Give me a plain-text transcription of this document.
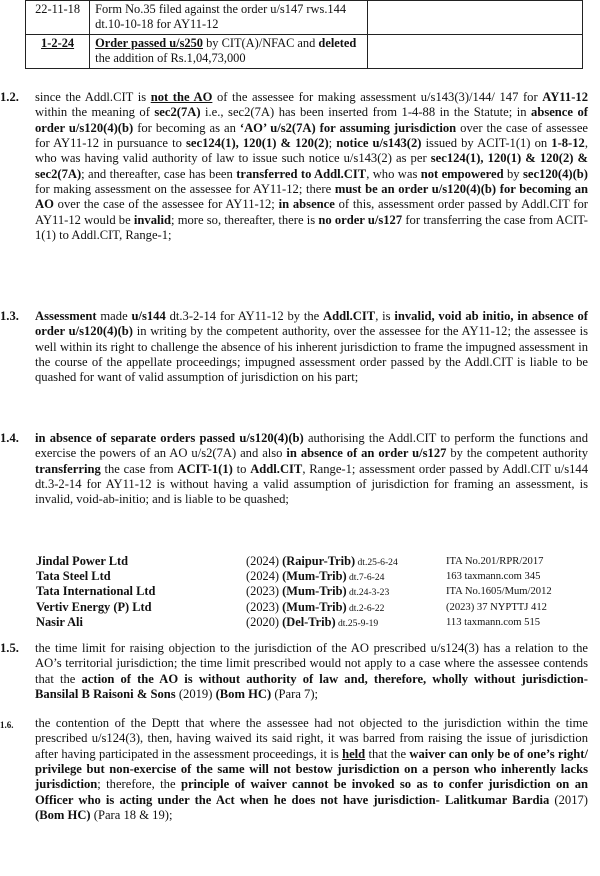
22-11-18	Form No.35 filed against the order u/s147 rws.144 dt.10-10-18 for AY11-12	
1-2-24	Order passed u/s250 by CIT(A)/NFAC and deleted the addition of Rs.1,04,73,000	
1.2.	since the Addl.CIT is not the AO of the assessee for making assessment u/s143(3)/144/ 147 for AY11-12 within the meaning of sec2(7A) i.e., sec2(7A) has been inserted from 1-4-88 in the Statute; in absence of order u/s120(4)(b) for becoming as an ‘AO’ u/s2(7A) for assuming jurisdiction over the case of assessee for AY11-12 in pursuance to sec124(1), 120(1) & 120(2); notice u/s143(2) issued by ACIT-1(1) on 1-8-12, who was having valid authority of law to issue such notice u/s143(2) as per sec124(1), 120(1) & 120(2) & sec2(7A); and thereafter, case has been transferred to Addl.CIT, who was not empowered by sec120(4)(b) for making assessment on the assessee for AY11-12; there must be an order u/s120(4)(b) for becoming an AO over the case of the assessee for AY11-12; in absence of this, assessment order passed by Addl.CIT for AY11-12 would be invalid; more so, thereafter, there is no order u/s127 for transferring the case from ACIT-1(1) to Addl.CIT, Range-1;
1.3.	Assessment made u/s144 dt.3-2-14 for AY11-12 by the Addl.CIT, is invalid, void ab initio, in absence of order u/s120(4)(b) in writing by the competent authority, over the assessee for the AY11-12; the assessee is well within its right to challenge the absence of his inherent jurisdiction to frame the impugned assessment in the course of the appellate proceedings; impugned assessment order passed by the Addl.CIT is liable to be quashed for want of valid assumption of jurisdiction on his part;
1.4.	in absence of separate orders passed u/s120(4)(b) authorising the Addl.CIT to perform the functions and exercise the powers of an AO u/s2(7A) and also in absence of an order u/s127 by the competent authority transferring the case from ACIT-1(1) to Addl.CIT, Range-1; assessment order passed by Addl.CIT u/s144 dt.3-2-14 for AY11-12 is without having a valid assumption of jurisdiction for framing an assessment, is invalid, void-ab-initio; and is liable to be quashed;
Jindal Power Ltd	(2024) (Raipur-Trib) dt.25-6-24	ITA No.201/RPR/2017
Tata Steel Ltd	(2024) (Mum-Trib) dt.7-6-24	163 taxmann.com 345
Tata International Ltd	(2023) (Mum-Trib) dt.24-3-23	ITA No.1605/Mum/2012
Vertiv Energy (P) Ltd	(2023) (Mum-Trib) dt.2-6-22	(2023) 37 NYPTTJ 412
Nasir Ali	(2020) (Del-Trib) dt.25-9-19	113 taxmann.com 515
1.5.	the time limit for raising objection to the jurisdiction of the AO prescribed u/s124(3) has a relation to the AO’s territorial jurisdiction; the time limit prescribed would not apply to a case where the assessee contends that the action of the AO is without authority of law and, therefore, wholly without jurisdiction- Bansilal B Raisoni & Sons (2019) (Bom HC) (Para 7);
1.6.	the contention of the Deptt that where the assessee had not objected to the jurisdiction within the time prescribed u/s124(3), then, having waived its said right, it was barred from raising the issue of jurisdiction after having participated in the assessment proceedings, it is held that the waiver can only be of one’s right/ privilege but non-exercise of the same will not bestow jurisdiction on a person who inherently lacks jurisdiction; therefore, the principle of waiver cannot be invoked so as to confer jurisdiction on an Officer who is acting under the Act when he does not have jurisdiction- Lalitkumar Bardia (2017) (Bom HC) (Para 18 & 19);
